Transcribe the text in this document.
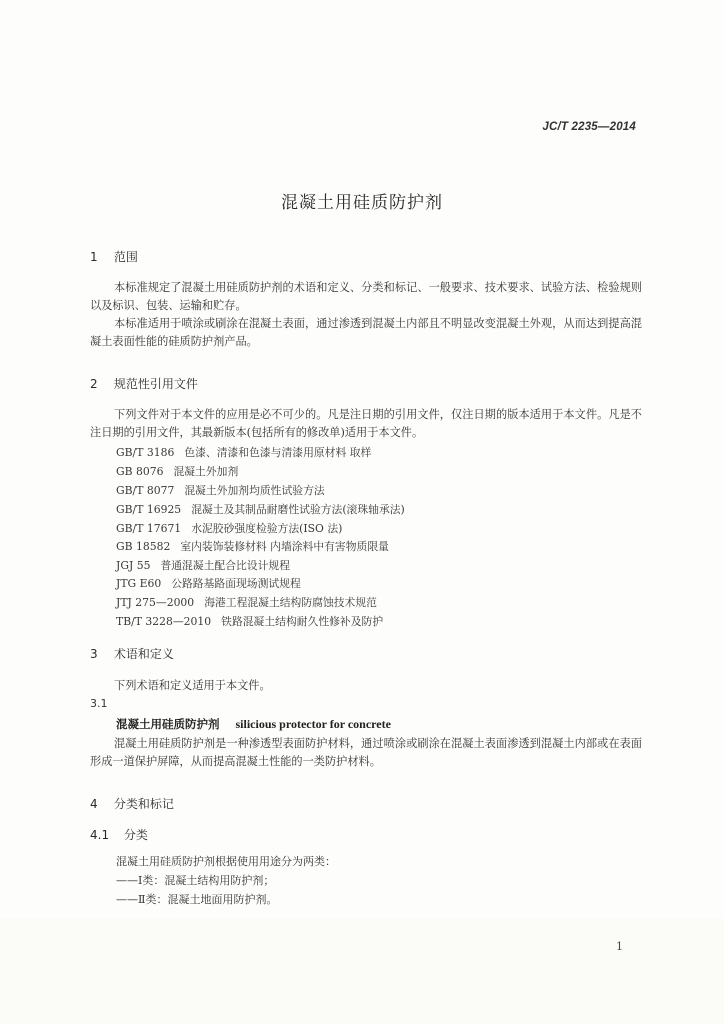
JC/T 2235—2014
混凝土用硅质防护剂
1 范围
本标准规定了混凝土用硅质防护剂的术语和定义、分类和标记、一般要求、技术要求、试验方法、检验规则以及标识、包装、运输和贮存。
本标准适用于喷涂或刷涂在混凝土表面，通过渗透到混凝土内部且不明显改变混凝土外观，从而达到提高混凝土表面性能的硅质防护剂产品。
2 规范性引用文件
下列文件对于本文件的应用是必不可少的。凡是注日期的引用文件，仅注日期的版本适用于本文件。凡是不注日期的引用文件，其最新版本(包括所有的修改单)适用于本文件。
GB/T 3186 色漆、清漆和色漆与清漆用原材料 取样
GB 8076 混凝土外加剂
GB/T 8077 混凝土外加剂均质性试验方法
GB/T 16925 混凝土及其制品耐磨性试验方法(滚珠轴承法)
GB/T 17671 水泥胶砂强度检验方法(ISO 法)
GB 18582 室内装饰装修材料 内墙涂料中有害物质限量
JGJ 55 普通混凝土配合比设计规程
JTG E60 公路路基路面现场测试规程
JTJ 275—2000 海港工程混凝土结构防腐蚀技术规范
TB/T 3228—2010 铁路混凝土结构耐久性修补及防护
3 术语和定义
下列术语和定义适用于本文件。
3.1
混凝土用硅质防护剂 silicious protector for concrete
混凝土用硅质防护剂是一种渗透型表面防护材料，通过喷涂或刷涂在混凝土表面渗透到混凝土内部或在表面形成一道保护屏障，从而提高混凝土性能的一类防护材料。
4 分类和标记
4.1 分类
混凝土用硅质防护剂根据使用用途分为两类：
——Ⅰ类：混凝土结构用防护剂；
——Ⅱ类：混凝土地面用防护剂。
1
